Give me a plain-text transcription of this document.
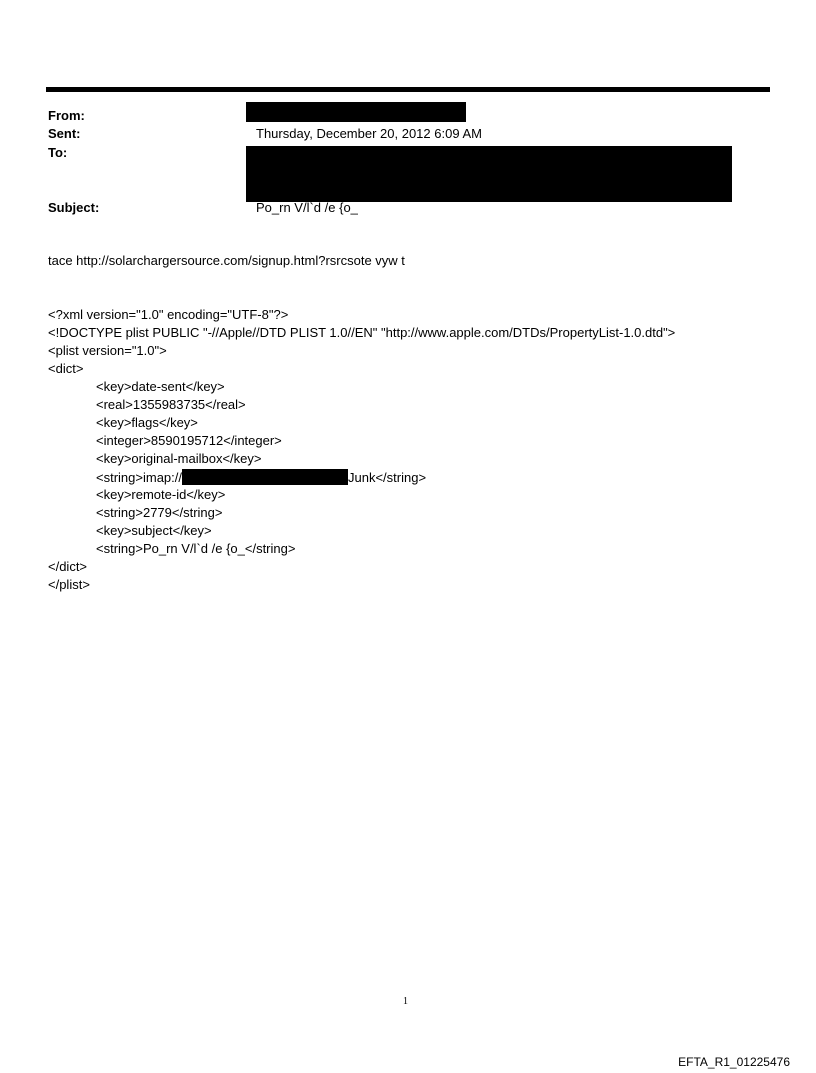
From:
Sent:	Thursday, December 20, 2012 6:09 AM
To:
Subject:	Po_rn V/l`d /e {o_
tace http://solarchargersource.com/signup.html?rsrcsote vyw t
<?xml version="1.0" encoding="UTF-8"?>
<!DOCTYPE plist PUBLIC "-//Apple//DTD PLIST 1.0//EN" "http://www.apple.com/DTDs/PropertyList-1.0.dtd">
<plist version="1.0">
<dict>
<key>date-sent</key>
<real>1355983735</real>
<key>flags</key>
<integer>8590195712</integer>
<key>original-mailbox</key>
<string>imap://	Junk</string>
<key>remote-id</key>
<string>2779</string>
<key>subject</key>
<string>Po_rn V/l`d /e {o_</string>
</dict>
</plist>
1
EFTA_R1_01225476
